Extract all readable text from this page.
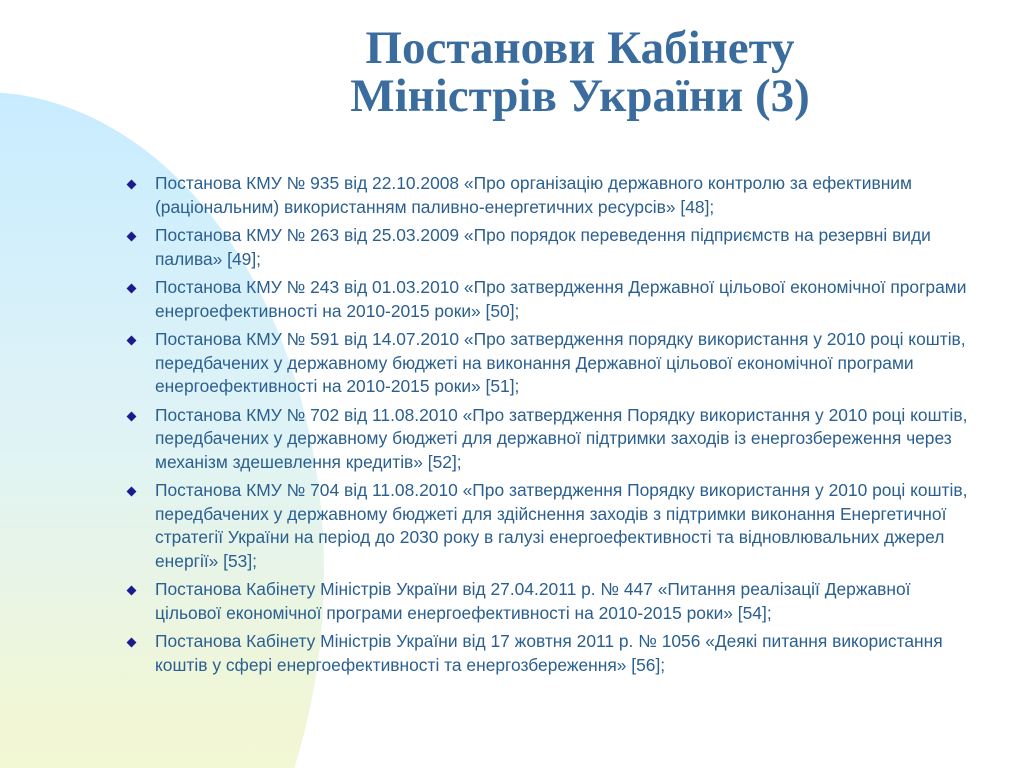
Постанови Кабінету
Міністрів України (3)
Постанова КМУ № 935 від 22.10.2008 «Про організацію державного контролю за ефективним (раціональним) використанням паливно-енергетичних ресурсів» [48];
Постанова КМУ № 263 від 25.03.2009 «Про порядок переведення підприємств на резервні види палива» [49];
Постанова КМУ № 243 від 01.03.2010 «Про затвердження Державної цільової економічної програми енергоефективності на 2010-2015 роки» [50];
Постанова КМУ № 591 від 14.07.2010 «Про затвердження порядку використання у 2010 році коштів, передбачених у державному бюджеті на виконання Державної цільової економічної програми енергоефективності на 2010-2015 роки» [51];
Постанова КМУ № 702 від 11.08.2010 «Про затвердження Порядку використання у 2010 році коштів, передбачених у державному бюджеті для державної підтримки заходів із енергозбереження через механізм здешевлення кредитів» [52];
Постанова КМУ № 704 від 11.08.2010 «Про затвердження Порядку використання у 2010 році коштів, передбачених у державному бюджеті для здійснення заходів з підтримки виконання Енергетичної стратегії України на період до 2030 року в галузі енергоефективності та відновлювальних джерел енергії» [53];
Постанова Кабінету Міністрів України від 27.04.2011 р. № 447 «Питання реалізації Державної цільової економічної програми енергоефективності на 2010-2015 роки» [54];
Постанова Кабінету Міністрів України від 17 жовтня 2011 р. № 1056 «Деякі питання використання коштів у сфері енергоефективності та енергозбереження» [56];
